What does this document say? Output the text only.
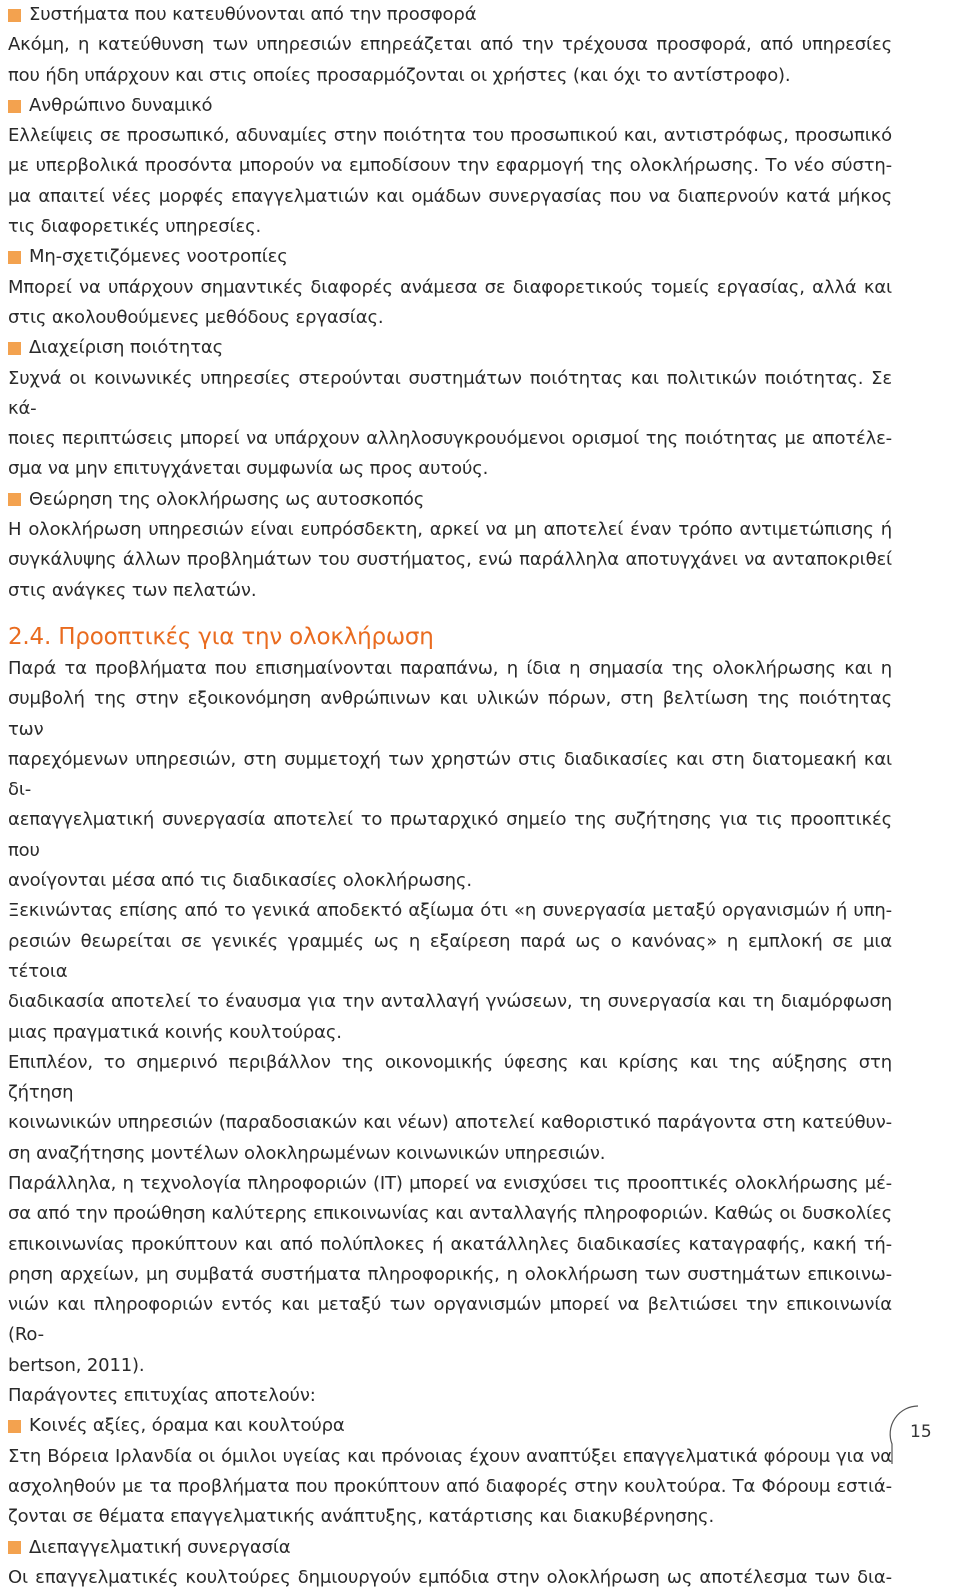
Συστήματα που κατευθύνονται από την προσφορά
Ακόμη, η κατεύθυνση των υπηρεσιών επηρεάζεται από την τρέχουσα προσφορά, από υπηρεσίες
που ήδη υπάρχουν και στις οποίες προσαρμόζονται οι χρήστες (και όχι το αντίστροφο).
Ανθρώπινο δυναμικό
Ελλείψεις σε προσωπικό, αδυναμίες στην ποιότητα του προσωπικού και, αντιστρόφως, προσωπικό
με υπερβολικά προσόντα μπορούν να εμποδίσουν την εφαρμογή της ολοκλήρωσης. Το νέο σύστη-
μα απαιτεί νέες μορφές επαγγελματιών και ομάδων συνεργασίας που να διαπερνούν κατά μήκος
τις διαφορετικές υπηρεσίες.
Μη-σχετιζόμενες νοοτροπίες
Μπορεί να υπάρχουν σημαντικές διαφορές ανάμεσα σε διαφορετικούς τομείς εργασίας, αλλά και
στις ακολουθούμενες μεθόδους εργασίας.
Διαχείριση ποιότητας
Συχνά οι κοινωνικές υπηρεσίες στερούνται συστημάτων ποιότητας και πολιτικών ποιότητας. Σε κά-
ποιες περιπτώσεις μπορεί να υπάρχουν αλληλοσυγκρουόμενοι ορισμοί της ποιότητας με αποτέλε-
σμα να μην επιτυγχάνεται συμφωνία ως προς αυτούς.
Θεώρηση της ολοκλήρωσης ως αυτοσκοπός
Η ολοκλήρωση υπηρεσιών είναι ευπρόσδεκτη, αρκεί να μη αποτελεί έναν τρόπο αντιμετώπισης ή
συγκάλυψης άλλων προβλημάτων του συστήματος, ενώ παράλληλα αποτυγχάνει να ανταποκριθεί
στις ανάγκες των πελατών.
2.4. Προοπτικές για την ολοκλήρωση
Παρά τα προβλήματα που επισημαίνονται παραπάνω, η ίδια η σημασία της ολοκλήρωσης και η
συμβολή της στην εξοικονόμηση ανθρώπινων και υλικών πόρων, στη βελτίωση της ποιότητας των
παρεχόμενων υπηρεσιών, στη συμμετοχή των χρηστών στις διαδικασίες και στη διατομεακή και δι-
αεπαγγελματική συνεργασία αποτελεί το πρωταρχικό σημείο της συζήτησης για τις προοπτικές που
ανοίγονται μέσα από τις διαδικασίες ολοκλήρωσης.
Ξεκινώντας επίσης από το γενικά αποδεκτό αξίωμα ότι «η συνεργασία μεταξύ οργανισμών ή υπη-
ρεσιών θεωρείται σε γενικές γραμμές ως η εξαίρεση παρά ως ο κανόνας» η εμπλοκή σε μια τέτοια
διαδικασία αποτελεί το έναυσμα για την ανταλλαγή γνώσεων, τη συνεργασία και τη διαμόρφωση
μιας πραγματικά κοινής κουλτούρας.
Επιπλέον, το σημερινό περιβάλλον της οικονομικής ύφεσης και κρίσης και της αύξησης στη ζήτηση
κοινωνικών υπηρεσιών (παραδοσιακών και νέων) αποτελεί καθοριστικό παράγοντα στη κατεύθυν-
ση αναζήτησης μοντέλων ολοκληρωμένων κοινωνικών υπηρεσιών.
Παράλληλα, η τεχνολογία πληροφοριών (IT) μπορεί να ενισχύσει τις προοπτικές ολοκλήρωσης μέ-
σα από την προώθηση καλύτερης επικοινωνίας και ανταλλαγής πληροφοριών. Καθώς οι δυσκολίες
επικοινωνίας προκύπτουν και από πολύπλοκες ή ακατάλληλες διαδικασίες καταγραφής, κακή τή-
ρηση αρχείων, μη συμβατά συστήματα πληροφορικής, η ολοκλήρωση των συστημάτων επικοινω-
νιών και πληροφοριών εντός και μεταξύ των οργανισμών μπορεί να βελτιώσει την επικοινωνία (Ro-
bertson, 2011).
Παράγοντες επιτυχίας αποτελούν:
Κοινές αξίες, όραμα και κουλτούρα
Στη Βόρεια Ιρλανδία οι όμιλοι υγείας και πρόνοιας έχουν αναπτύξει επαγγελματικά φόρουμ για να
ασχοληθούν με τα προβλήματα που προκύπτουν από διαφορές στην κουλτούρα. Τα Φόρουμ εστιά-
ζονται σε θέματα επαγγελματικής ανάπτυξης, κατάρτισης και διακυβέρνησης.
Διεπαγγελματική συνεργασία
Οι επαγγελματικές κουλτούρες δημιουργούν εμπόδια στην ολοκλήρωση ως αποτέλεσμα των δια-
15
